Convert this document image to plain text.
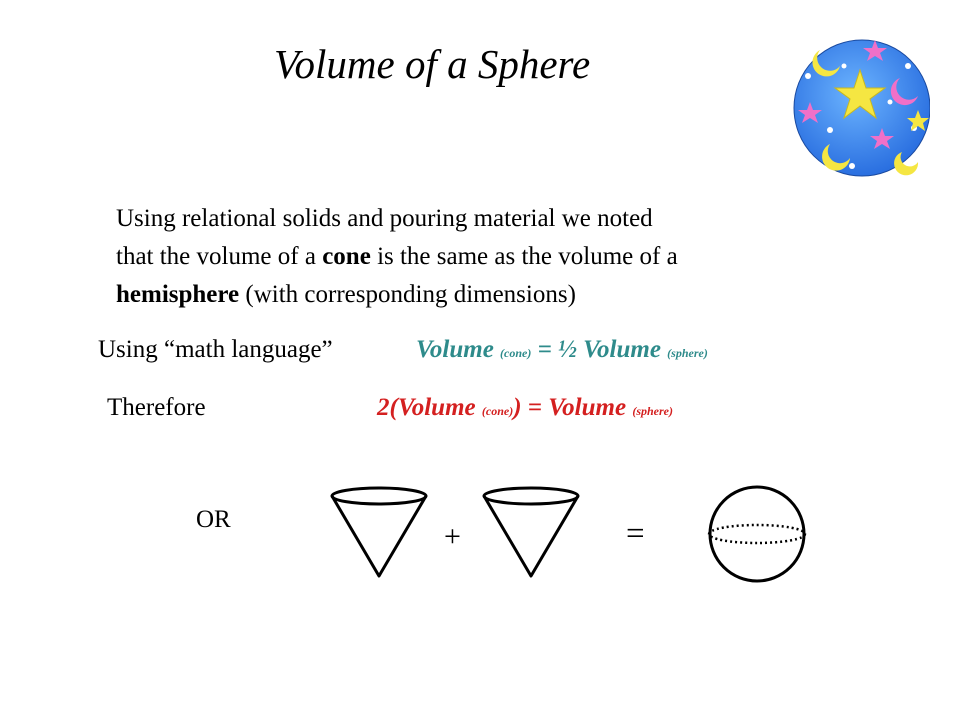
Volume of a Sphere
Using relational solids and pouring material we noted
that the volume of a cone is the same as the volume of a
hemisphere (with corresponding dimensions)
Using “math language”	Volume (cone) = ½ Volume (sphere)
Therefore	2(Volume (cone)) = Volume (sphere)
OR
+	=
